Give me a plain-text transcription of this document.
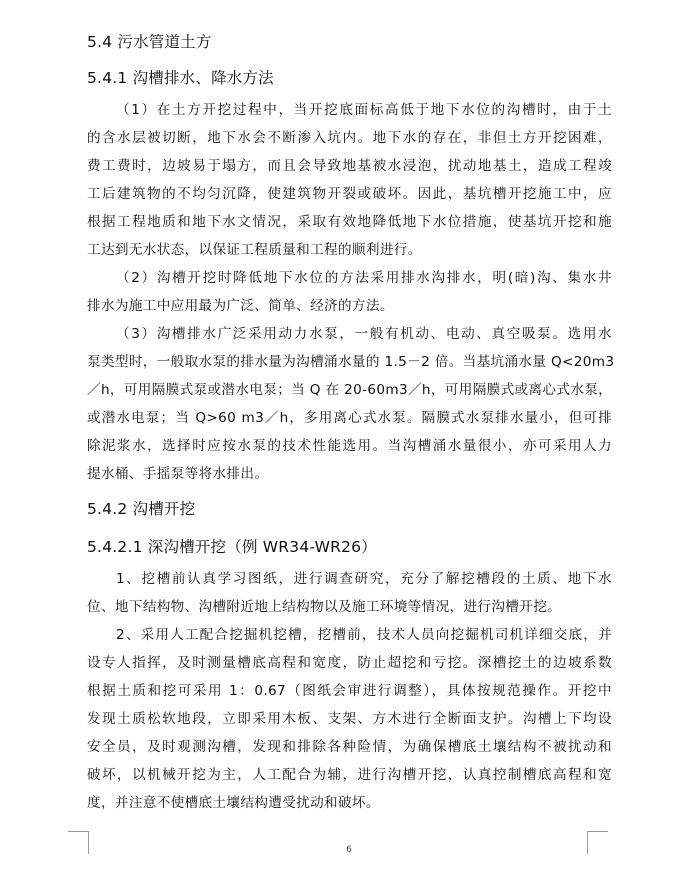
5.4 污水管道土方
5.4.1 沟槽排水、降水方法
（1）在土方开挖过程中，当开挖底面标高低于地下水位的沟槽时，由于土
的含水层被切断，地下水会不断渗入坑内。地下水的存在，非但土方开挖困难，
费工费时，边坡易于塌方，而且会导致地基被水浸泡，扰动地基土，造成工程竣
工后建筑物的不均匀沉降，使建筑物开裂或破坏。因此，基坑槽开挖施工中，应
根据工程地质和地下水文情况，采取有效地降低地下水位措施，使基坑开挖和施
工达到无水状态，以保证工程质量和工程的顺利进行。
（2）沟槽开挖时降低地下水位的方法采用排水沟排水，明(暗)沟、集水井
排水为施工中应用最为广泛、简单、经济的方法。
（3）沟槽排水广泛采用动力水泵，一般有机动、电动、真空吸泵。选用水
泵类型时，一般取水泵的排水量为沟槽涌水量的 1.5－2 倍。当基坑涌水量 Q<20m3
／h，可用隔膜式泵或潜水电泵；当 Q 在 20-60m3／h，可用隔膜式或离心式水泵，
或潜水电泵；当 Q>60 m3／h，多用离心式水泵。隔膜式水泵排水量小，但可排
除泥浆水，选择时应按水泵的技术性能选用。当沟槽涌水量很小，亦可采用人力
提水桶、手摇泵等将水排出。
5.4.2 沟槽开挖
5.4.2.1 深沟槽开挖（例 WR34-WR26）
1、挖槽前认真学习图纸，进行调查研究，充分了解挖槽段的土质、地下水
位、地下结构物、沟槽附近地上结构物以及施工环境等情况，进行沟槽开挖。
2、采用人工配合挖掘机挖槽，挖槽前，技术人员向挖掘机司机详细交底，并
设专人指挥，及时测量槽底高程和宽度，防止超挖和亏挖。深槽挖土的边坡系数
根据土质和挖可采用 1：0.67（图纸会审进行调整），具体按规范操作。开挖中
发现土质松软地段，立即采用木板、支架、方木进行全断面支护。沟槽上下均设
安全员，及时观测沟槽，发现和排除各种险情，为确保槽底土壤结构不被扰动和
破坏，以机械开挖为主，人工配合为辅，进行沟槽开挖，认真控制槽底高程和宽
度，并注意不使槽底土壤结构遭受扰动和破坏。
6
